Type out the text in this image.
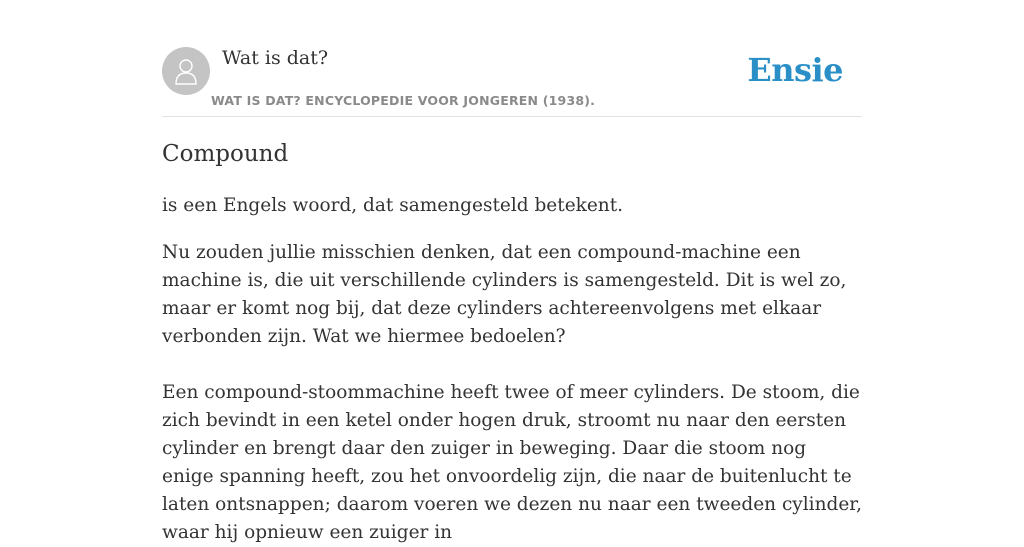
Wat is dat?
WAT IS DAT? ENCYCLOPEDIE VOOR JONGEREN (1938).
Ensie
Compound

is een Engels woord, dat samengesteld betekent.

Nu zouden jullie misschien denken, dat een compound-machine een machine is, die uit verschillende cylinders is samengesteld. Dit is wel zo, maar er komt nog bij, dat deze cylinders achtereenvolgens met elkaar verbonden zijn. Wat we hiermee bedoelen?

Een compound-stoommachine heeft twee of meer cylinders. De stoom, die zich bevindt in een ketel onder hogen druk, stroomt nu naar den eersten cylinder en brengt daar den zuiger in beweging. Daar die stoom nog enige spanning heeft, zou het onvoordelig zijn, die naar de buitenlucht te laten ontsnappen; daarom voeren we dezen nu naar een tweeden cylinder, waar hij opnieuw een zuiger in
